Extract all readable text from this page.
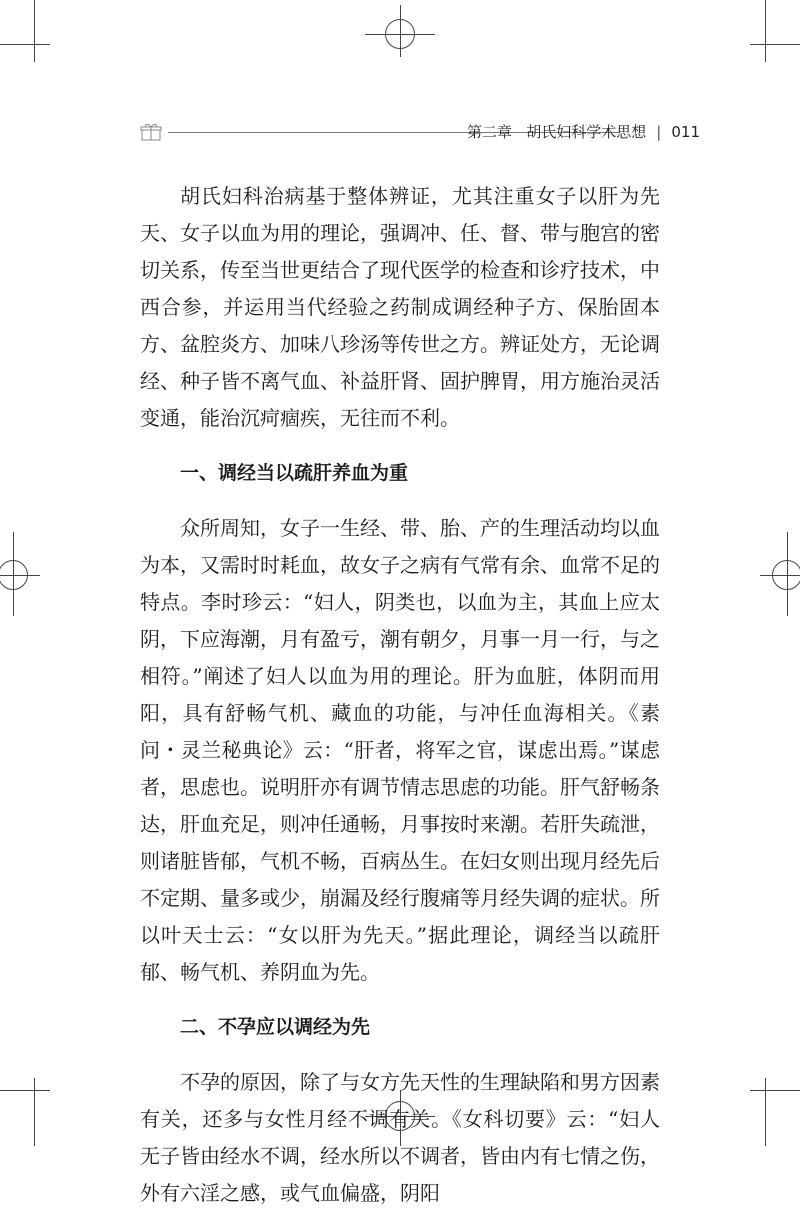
第二章 胡氏妇科学术思想 | 011

胡氏妇科治病基于整体辨证，尤其注重女子以肝为先天、女子以血为用的理论，强调冲、任、督、带与胞宫的密切关系，传至当世更结合了现代医学的检查和诊疗技术，中西合参，并运用当代经验之药制成调经种子方、保胎固本方、盆腔炎方、加味八珍汤等传世之方。辨证处方，无论调经、种子皆不离气血、补益肝肾、固护脾胃，用方施治灵活变通，能治沉疴痼疾，无往而不利。

一、调经当以疏肝养血为重

众所周知，女子一生经、带、胎、产的生理活动均以血为本，又需时时耗血，故女子之病有气常有余、血常不足的特点。李时珍云：“妇人，阴类也，以血为主，其血上应太阴，下应海潮，月有盈亏，潮有朝夕，月事一月一行，与之相符。”阐述了妇人以血为用的理论。肝为血脏，体阴而用阳，具有舒畅气机、藏血的功能，与冲任血海相关。《素问・灵兰秘典论》云：“肝者，将军之官，谋虑出焉。”谋虑者，思虑也。说明肝亦有调节情志思虑的功能。肝气舒畅条达，肝血充足，则冲任通畅，月事按时来潮。若肝失疏泄，则诸脏皆郁，气机不畅，百病丛生。在妇女则出现月经先后不定期、量多或少，崩漏及经行腹痛等月经失调的症状。所以叶天士云：“女以肝为先天。”据此理论，调经当以疏肝郁、畅气机、养阴血为先。

二、不孕应以调经为先

不孕的原因，除了与女方先天性的生理缺陷和男方因素有关，还多与女性月经不调有关。《女科切要》云：“妇人无子皆由经水不调，经水所以不调者，皆由内有七情之伤，外有六淫之感，或气血偏盛，阴阳
